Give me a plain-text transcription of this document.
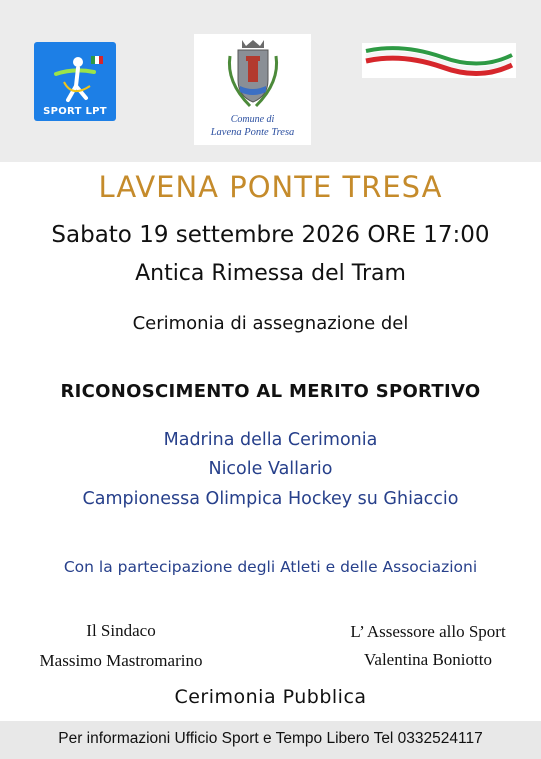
SPORT LPT
Comune di
Lavena Ponte Tresa
LAVENA PONTE TRESA
Sabato 19 settembre 2026 ORE 17:00
Antica Rimessa del Tram
Cerimonia di assegnazione del
RICONOSCIMENTO AL MERITO SPORTIVO
Madrina della Cerimonia
Nicole Vallario
Campionessa Olimpica Hockey su Ghiaccio
Con la partecipazione degli Atleti e delle Associazioni
Il Sindaco
Massimo Mastromarino
L’ Assessore allo Sport
Valentina Boniotto
Cerimonia Pubblica
Per informazioni Ufficio Sport e Tempo Libero Tel 0332524117
